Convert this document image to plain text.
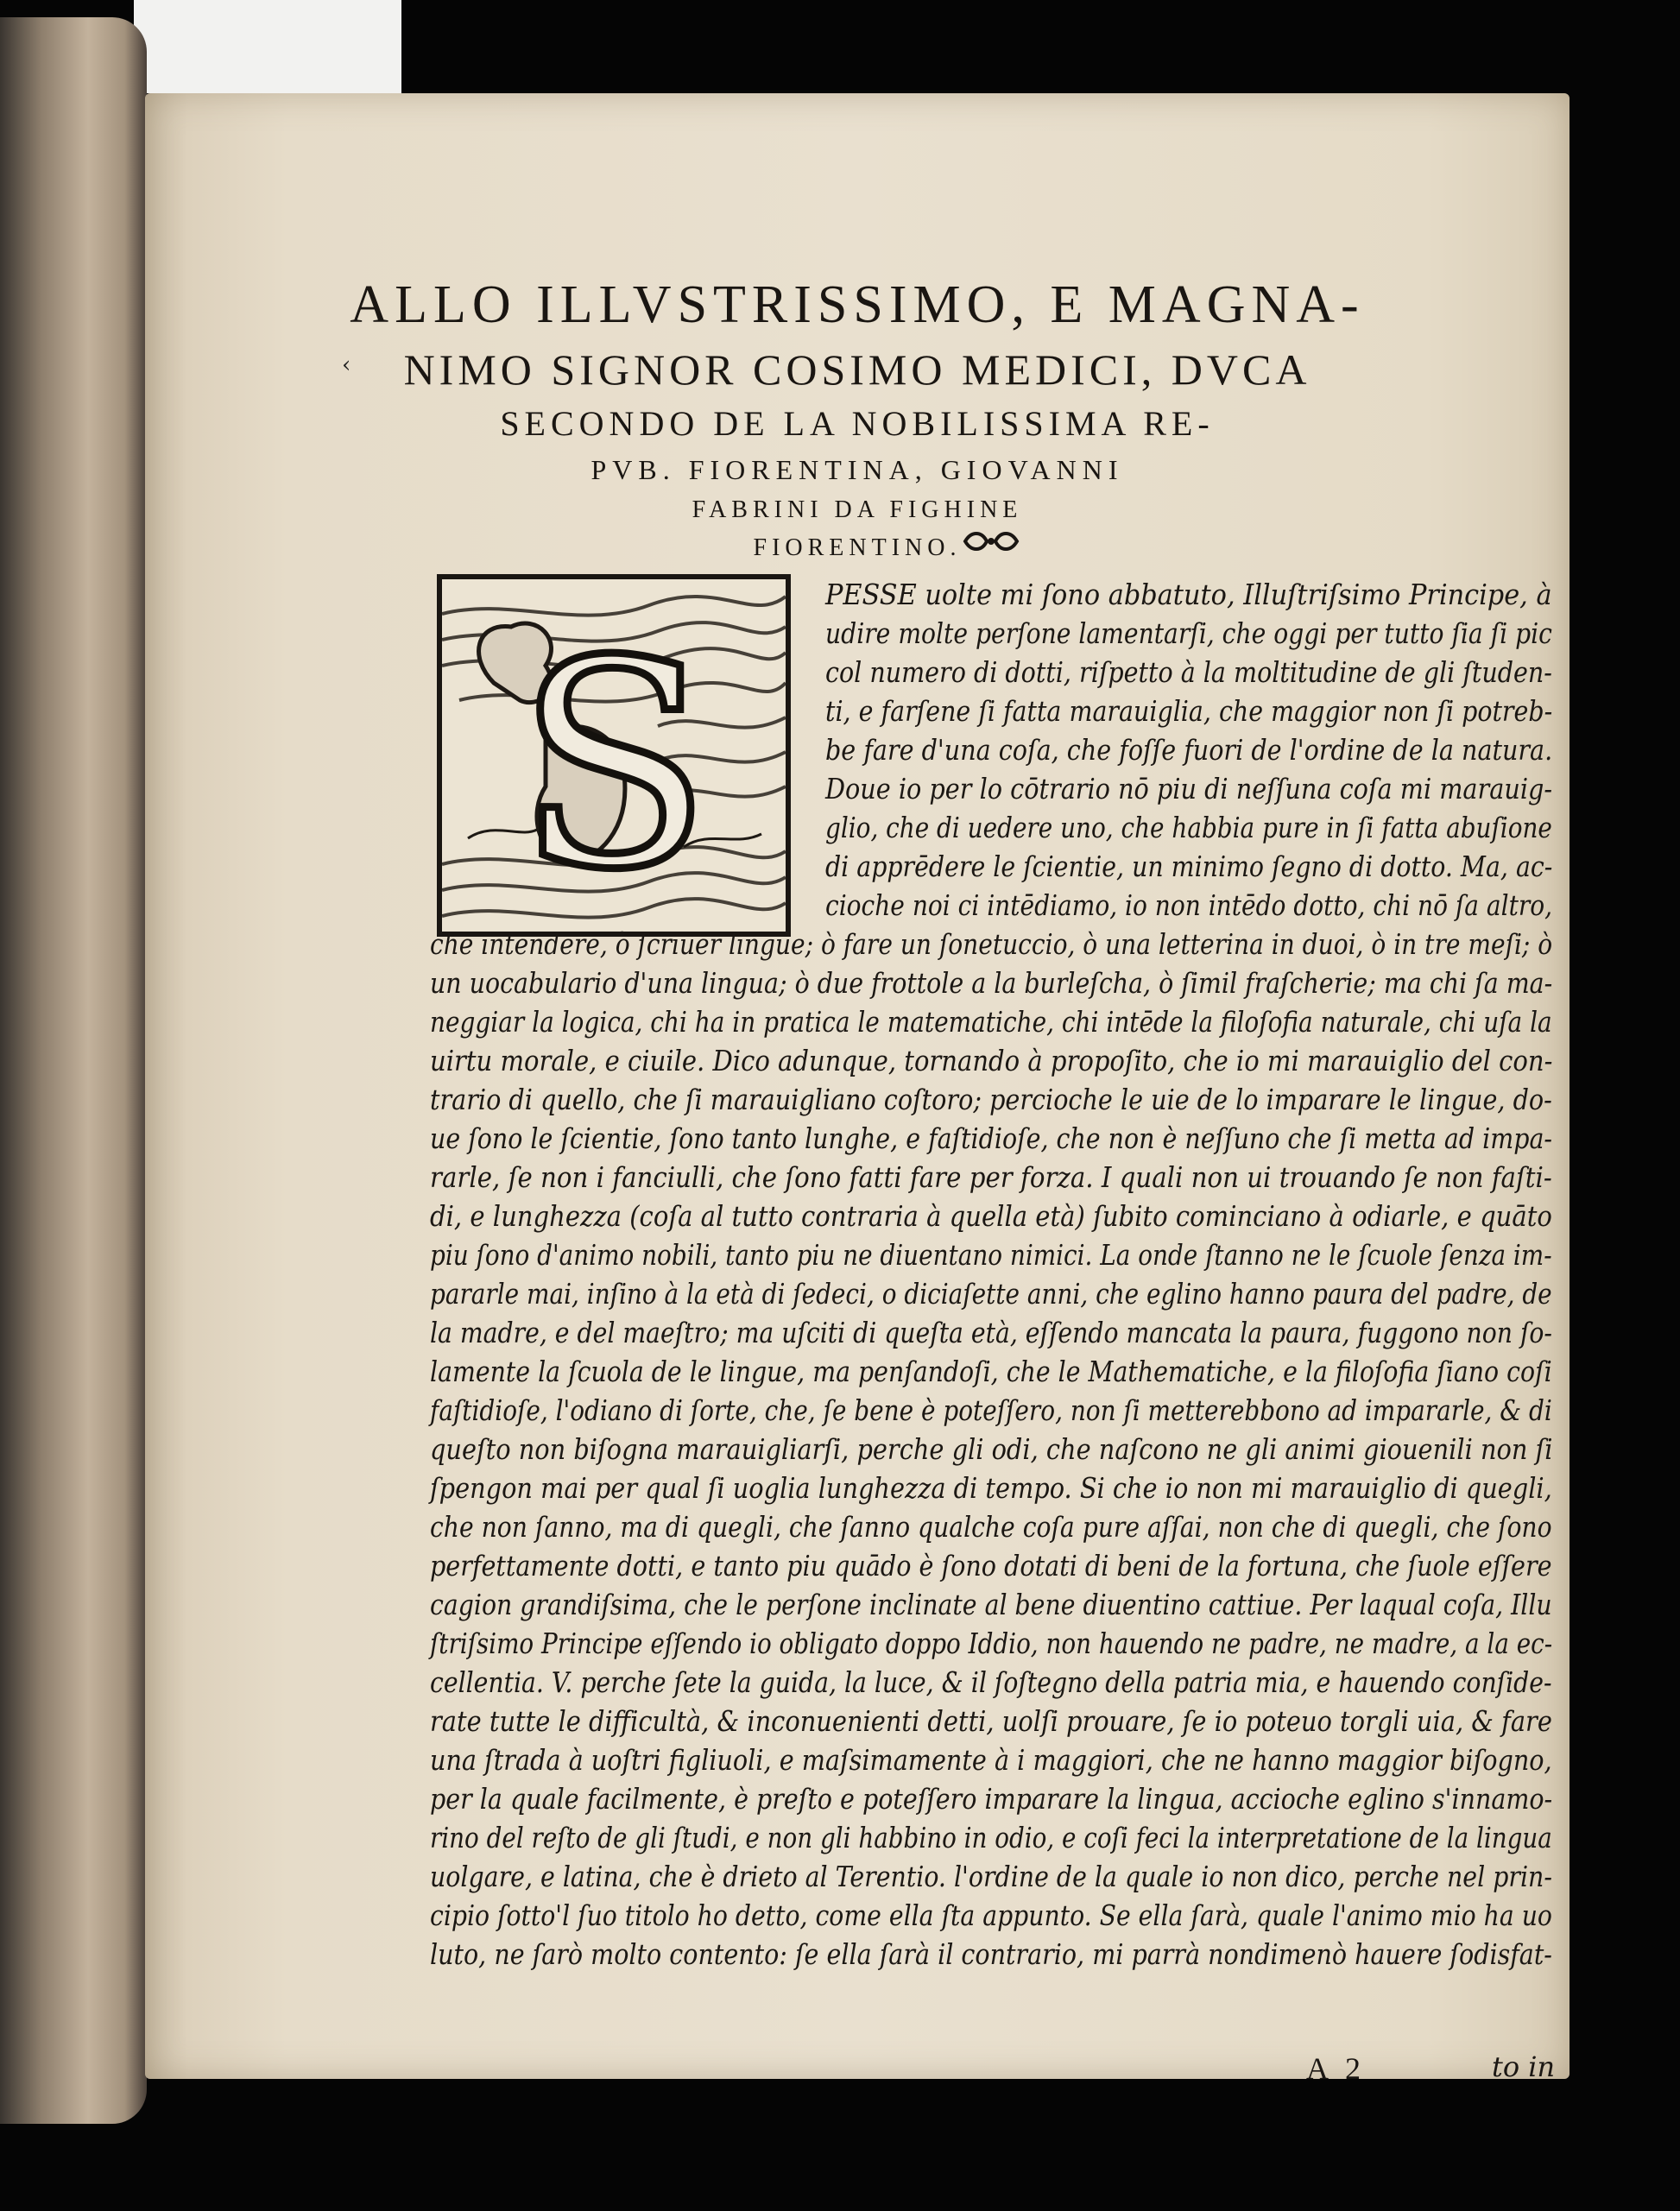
‹
ALLO ILLVSTRISSIMO, E MAGNA-
NIMO SIGNOR COSIMO MEDICI, DVCA
SECONDO DE LA NOBILISSIMA RE-
PVB. FIORENTINA, GIOVANNI
FABRINI DA FIGHINE
FIORENTINO.
S
PESSE uolte mi ſono abbatuto, Illuſtriſsimo Principe, à
udire molte perſone lamentarſi, che oggi per tutto ſia ſi pic
col numero di dotti, riſpetto à la moltitudine de gli ſtuden-
ti, e farſene ſi fatta marauiglia, che maggior non ſi potreb-
be fare d'una coſa, che foſſe fuori de l'ordine de la natura.
Doue io per lo cōtrario nō piu di neſſuna coſa mi marauig-
glio, che di uedere uno, che habbia pure in ſi fatta abuſione
di apprēdere le ſcientie, un minimo ſegno di dotto. Ma, ac-
cioche noi ci intēdiamo, io non intēdo dotto, chi nō ſa altro,
che intendere, ò ſcriuer lingue; ò fare un ſonetuccio, ò una letterina in duoi, ò in tre meſi; ò
un uocabulario d'una lingua; ò due frottole a la burleſcha, ò ſimil fraſcherie; ma chi ſa ma-
neggiar la logica, chi ha in pratica le matematiche, chi intēde la filoſofia naturale, chi uſa la
uirtu morale, e ciuile. Dico adunque, tornando à propoſito, che io mi marauiglio del con-
trario di quello, che ſi marauigliano coſtoro; percioche le uie de lo imparare le lingue, do-
ue ſono le ſcientie, ſono tanto lunghe, e faſtidioſe, che non è neſſuno che ſi metta ad impa-
rarle, ſe non i fanciulli, che ſono fatti fare per forza. I quali non ui trouando ſe non faſti-
di, e lunghezza (coſa al tutto contraria à quella età) ſubito cominciano à odiarle, e quāto
piu ſono d'animo nobili, tanto piu ne diuentano nimici. La onde ſtanno ne le ſcuole ſenza im-
pararle mai, inſino à la età di ſedeci, o diciaſette anni, che eglino hanno paura del padre, de
la madre, e del maeſtro; ma uſciti di queſta età, eſſendo mancata la paura, fuggono non ſo-
lamente la ſcuola de le lingue, ma penſandoſi, che le Mathematiche, e la filoſofia ſiano coſi
faſtidioſe, l'odiano di ſorte, che, ſe bene è poteſſero, non ſi metterebbono ad impararle, & di
queſto non biſogna marauigliarſi, perche gli odi, che naſcono ne gli animi giouenili non ſi
ſpengon mai per qual ſi uoglia lunghezza di tempo. Si che io non mi marauiglio di quegli,
che non ſanno, ma di quegli, che ſanno qualche coſa pure aſſai, non che di quegli, che ſono
perfettamente dotti, e tanto piu quādo è ſono dotati di beni de la fortuna, che ſuole eſſere
cagion grandiſsima, che le perſone inclinate al bene diuentino cattiue. Per laqual coſa, Illu
ſtriſsimo Principe eſſendo io obligato doppo Iddio, non hauendo ne padre, ne madre, a la ec-
cellentia. V. perche ſete la guida, la luce, & il ſoſtegno della patria mia, e hauendo conſide-
rate tutte le difficultà, & inconuenienti detti, uolſi prouare, ſe io poteuo torgli uia, & fare
una ſtrada à uoſtri figliuoli, e maſsimamente à i maggiori, che ne hanno maggior biſogno,
per la quale facilmente, è preſto e poteſſero imparare la lingua, accioche eglino s'innamo-
rino del reſto de gli ſtudi, e non gli habbino in odio, e coſi feci la interpretatione de la lingua
uolgare, e latina, che è drieto al Terentio. l'ordine de la quale io non dico, perche nel prin-
cipio ſotto'l ſuo titolo ho detto, come ella ſta appunto. Se ella ſarà, quale l'animo mio ha uo
luto, ne ſarò molto contento: ſe ella ſarà il contrario, mi parrà nondimenò hauere ſodisfat-
A 2	to in
